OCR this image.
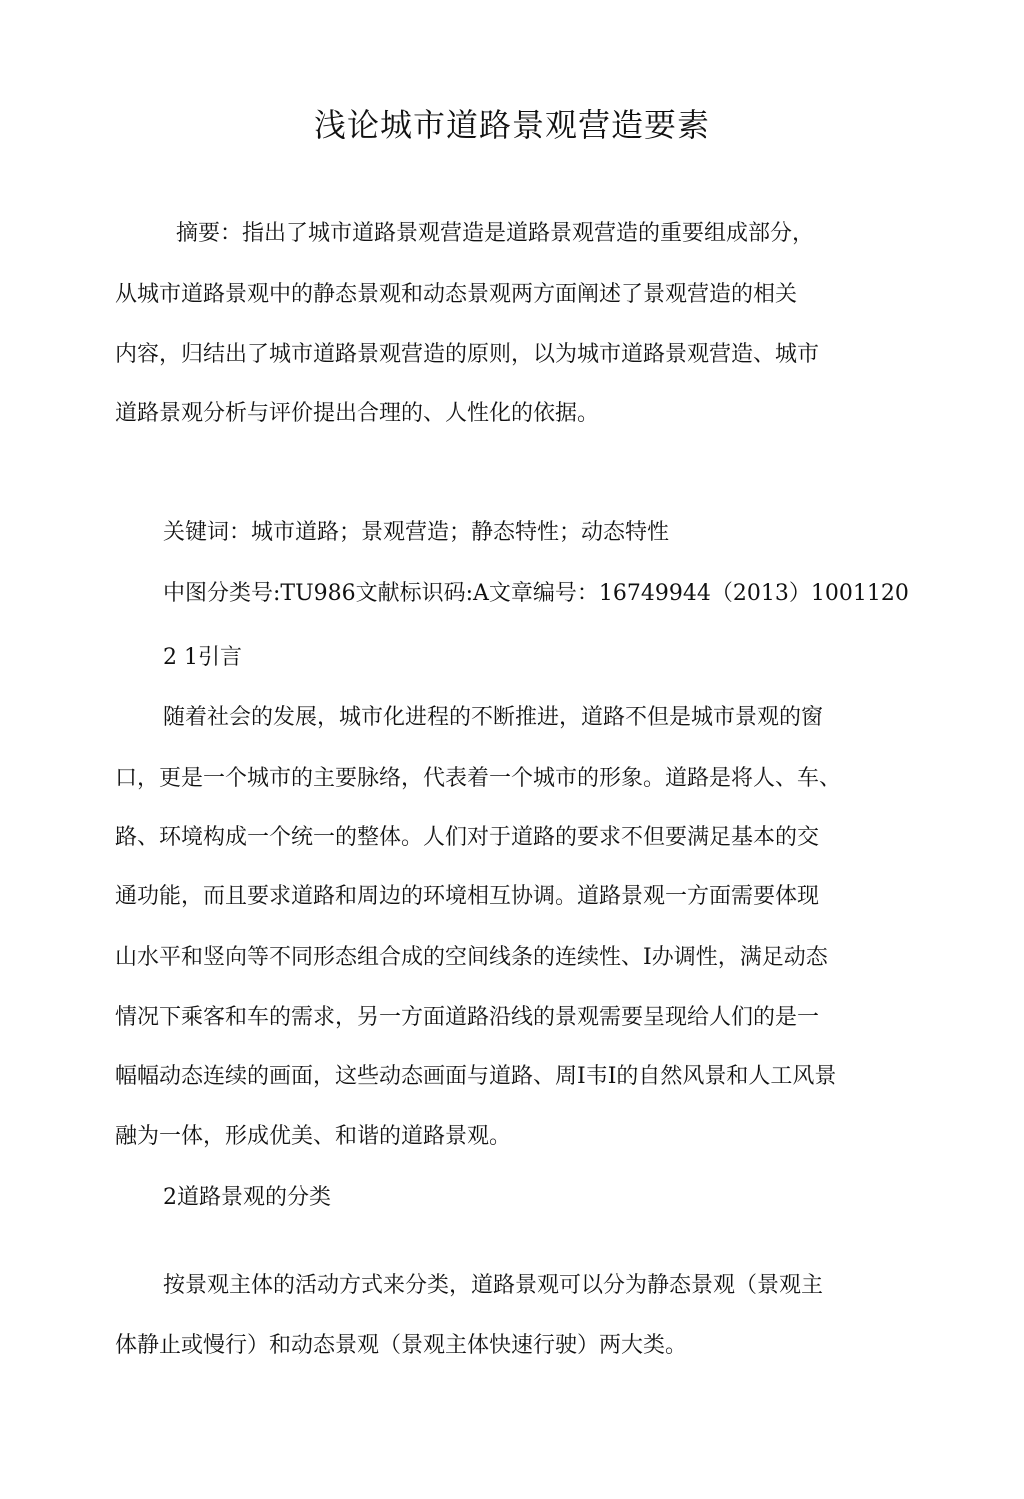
浅论城市道路景观营造要素
摘要：指出了城市道路景观营造是道路景观营造的重要组成部分，
从城市道路景观中的静态景观和动态景观两方面阐述了景观营造的相关
内容，归结出了城市道路景观营造的原则，以为城市道路景观营造、城市
道路景观分析与评价提出合理的、人性化的依据。
关键词：城市道路；景观营造；静态特性；动态特性
中图分类号:TU986文献标识码:A文章编号：16749944（2013）1001120
2 1引言
随着社会的发展，城市化进程的不断推进，道路不但是城市景观的窗
口，更是一个城市的主要脉络，代表着一个城市的形象。道路是将人、车、
路、环境构成一个统一的整体。人们对于道路的要求不但要满足基本的交
通功能，而且要求道路和周边的环境相互协调。道路景观一方面需要体现
山水平和竖向等不同形态组合成的空间线条的连续性、I办调性，满足动态
情况下乘客和车的需求，另一方面道路沿线的景观需要呈现给人们的是一
幅幅动态连续的画面，这些动态画面与道路、周I韦I的自然风景和人工风景
融为一体，形成优美、和谐的道路景观。
2道路景观的分类
按景观主体的活动方式来分类，道路景观可以分为静态景观（景观主
体静止或慢行）和动态景观（景观主体快速行驶）两大类。
